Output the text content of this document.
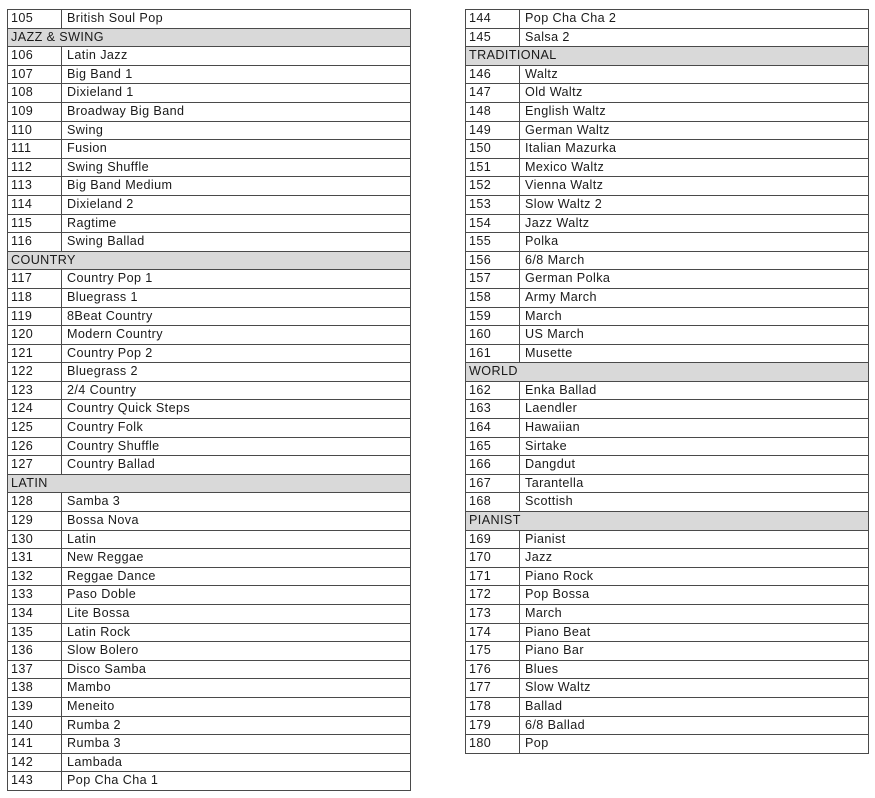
105	British Soul Pop
JAZZ & SWING	
106	Latin Jazz
107	Big Band 1
108	Dixieland 1
109	Broadway Big Band
110	Swing
111	Fusion
112	Swing Shuffle
113	Big Band Medium
114	Dixieland 2
115	Ragtime
116	Swing Ballad
COUNTRY	
117	Country Pop 1
118	Bluegrass 1
119	8Beat Country
120	Modern Country
121	Country Pop 2
122	Bluegrass 2
123	2/4 Country
124	Country Quick Steps
125	Country Folk
126	Country Shuffle
127	Country Ballad
LATIN	
128	Samba 3
129	Bossa Nova
130	Latin
131	New Reggae
132	Reggae Dance
133	Paso Doble
134	Lite Bossa
135	Latin Rock
136	Slow Bolero
137	Disco Samba
138	Mambo
139	Meneito
140	Rumba 2
141	Rumba 3
142	Lambada
143	Pop Cha Cha 1
144	Pop Cha Cha 2
145	Salsa 2
TRADITIONAL	
146	Waltz
147	Old Waltz
148	English Waltz
149	German Waltz
150	Italian Mazurka
151	Mexico Waltz
152	Vienna Waltz
153	Slow Waltz 2
154	Jazz Waltz
155	Polka
156	6/8 March
157	German Polka
158	Army March
159	March
160	US March
161	Musette
WORLD	
162	Enka Ballad
163	Laendler
164	Hawaiian
165	Sirtake
166	Dangdut
167	Tarantella
168	Scottish
PIANIST	
169	Pianist
170	Jazz
171	Piano Rock
172	Pop Bossa
173	March
174	Piano Beat
175	Piano Bar
176	Blues
177	Slow Waltz
178	Ballad
179	6/8 Ballad
180	Pop
